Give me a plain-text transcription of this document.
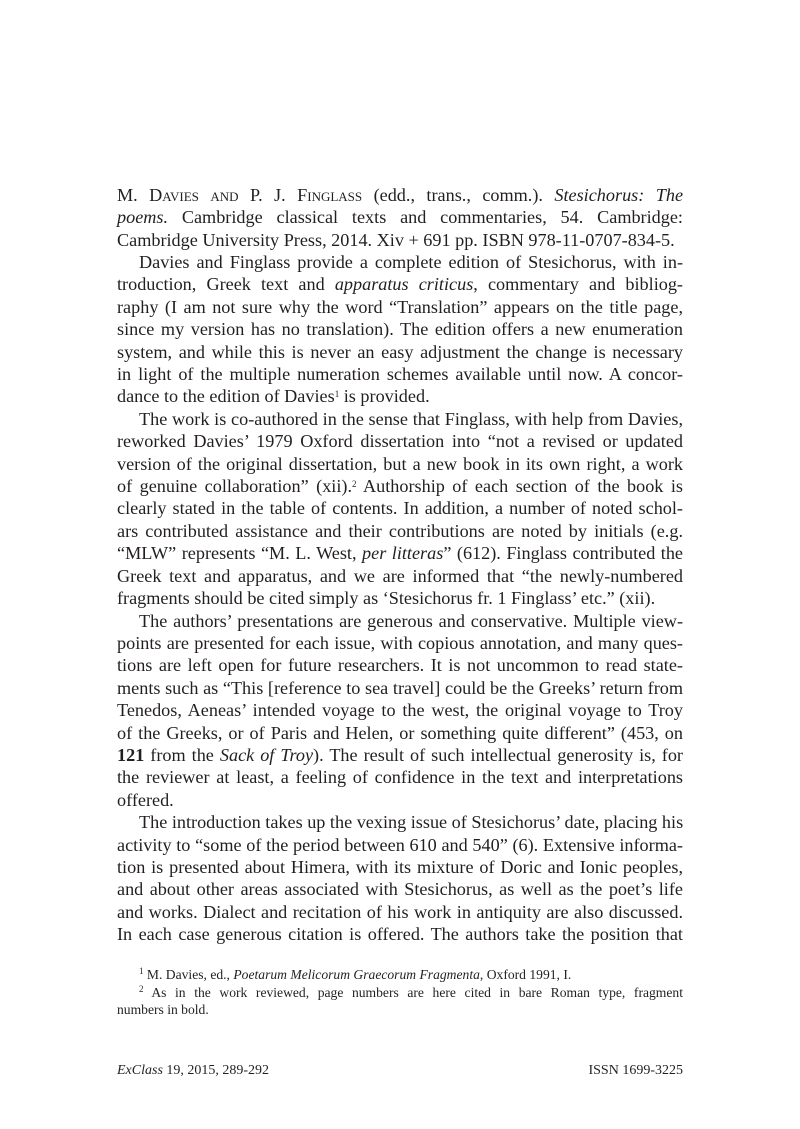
M. Davies and P. J. Finglass (edd., trans., comm.). Stesichorus: The
poems. Cambridge classical texts and commentaries, 54. Cambridge:
Cambridge University Press, 2014. Xiv + 691 pp. ISBN 978-11-0707-834-5.
Davies and Finglass provide a complete edition of Stesichorus, with in-
troduction, Greek text and apparatus criticus, commentary and bibliog-
raphy (I am not sure why the word “Translation” appears on the title page,
since my version has no translation). The edition offers a new enumeration
system, and while this is never an easy adjustment the change is necessary
in light of the multiple numeration schemes available until now. A concor-
dance to the edition of Davies$^1$ is provided.
The work is co-authored in the sense that Finglass, with help from Davies,
reworked Davies’ 1979 Oxford dissertation into “not a revised or updated
version of the original dissertation, but a new book in its own right, a work
of genuine collaboration” (xii).$^2$ Authorship of each section of the book is
clearly stated in the table of contents. In addition, a number of noted schol-
ars contributed assistance and their contributions are noted by initials (e.g.
“MLW” represents “M. L. West, per litteras” (612). Finglass contributed the
Greek text and apparatus, and we are informed that “the newly-numbered
fragments should be cited simply as ‘Stesichorus fr. 1 Finglass’ etc.” (xii).
The authors’ presentations are generous and conservative. Multiple view-
points are presented for each issue, with copious annotation, and many ques-
tions are left open for future researchers. It is not uncommon to read state-
ments such as “This [reference to sea travel] could be the Greeks’ return from
Tenedos, Aeneas’ intended voyage to the west, the original voyage to Troy
of the Greeks, or of Paris and Helen, or something quite different” (453, on
121 from the Sack of Troy). The result of such intellectual generosity is, for
the reviewer at least, a feeling of confidence in the text and interpretations
offered.
The introduction takes up the vexing issue of Stesichorus’ date, placing his
activity to “some of the period between 610 and 540” (6). Extensive informa-
tion is presented about Himera, with its mixture of Doric and Ionic peoples,
and about other areas associated with Stesichorus, as well as the poet’s life
and works. Dialect and recitation of his work in antiquity are also discussed.
In each case generous citation is offered. The authors take the position that
$^1$ M. Davies, ed., Poetarum Melicorum Graecorum Fragmenta, Oxford 1991, I.
$^2$ As in the work reviewed, page numbers are here cited in bare Roman type, fragment
numbers in bold.
ExClass 19, 2015, 289-292	ISSN 1699-3225
